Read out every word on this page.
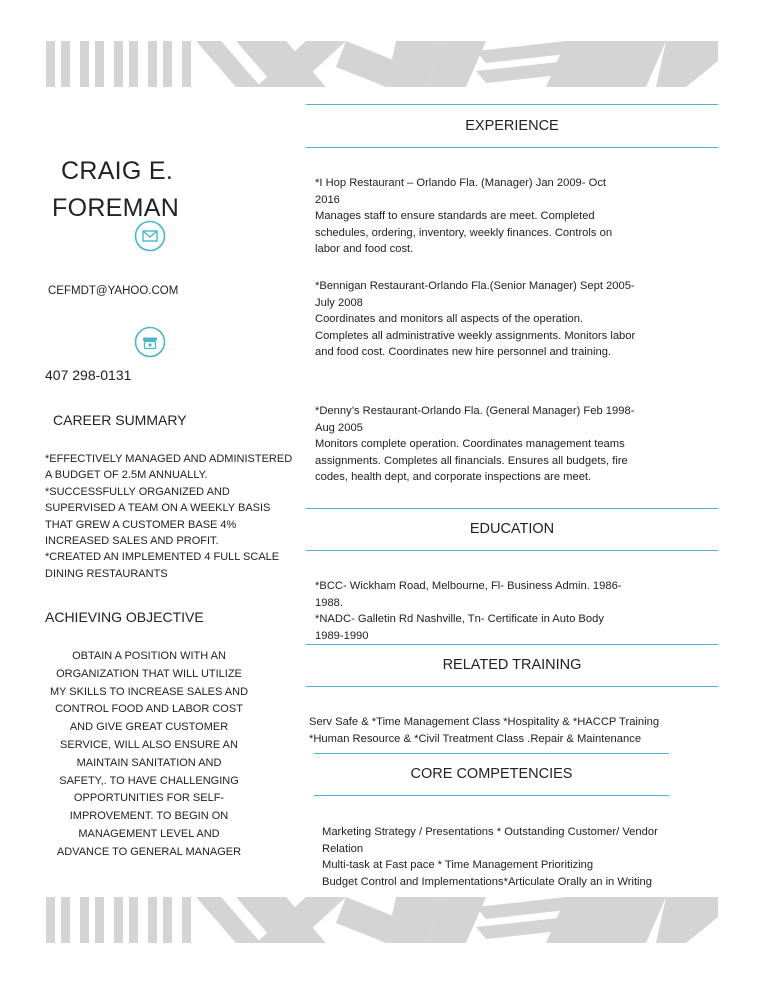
CRAIG E.
FOREMAN
CEFMDT@YAHOO.COM
407 298-0131
CAREER SUMMARY
*EFFECTIVELY MANAGED AND ADMINISTERED
A BUDGET OF 2.5M ANNUALLY.
*SUCCESSFULLY ORGANIZED AND
SUPERVISED A TEAM ON A WEEKLY BASIS
THAT GREW A CUSTOMER BASE 4%
INCREASED SALES AND PROFIT.
*CREATED AN IMPLEMENTED 4 FULL SCALE
DINING RESTAURANTS
ACHIEVING OBJECTIVE
OBTAIN A POSITION WITH AN
ORGANIZATION THAT WILL UTILIZE
MY SKILLS TO INCREASE SALES AND
CONTROL FOOD AND LABOR COST
AND GIVE GREAT CUSTOMER
SERVICE, WILL ALSO ENSURE AN
MAINTAIN SANITATION AND
SAFETY,. TO HAVE CHALLENGING
OPPORTUNITIES FOR SELF-
IMPROVEMENT. TO BEGIN ON
MANAGEMENT LEVEL AND
ADVANCE TO GENERAL MANAGER
EXPERIENCE
*I Hop Restaurant – Orlando Fla. (Manager) Jan 2009- Oct
2016
Manages staff to ensure standards are meet. Completed
schedules, ordering, inventory, weekly finances. Controls on
labor and food cost.
*Bennigan Restaurant-Orlando Fla.(Senior Manager) Sept 2005-
July 2008
Coordinates and monitors all aspects of the operation.
Completes all administrative weekly assignments. Monitors labor
and food cost. Coordinates new hire personnel and training.
*Denny’s Restaurant-Orlando Fla. (General Manager) Feb 1998-
Aug 2005
Monitors complete operation. Coordinates management teams
assignments. Completes all financials. Ensures all budgets, fire
codes, health dept, and corporate inspections are meet.
EDUCATION
*BCC- Wickham Road, Melbourne, Fl- Business Admin. 1986-
1988.
*NADC- Galletin Rd Nashville, Tn- Certificate in Auto Body
1989-1990
RELATED TRAINING
Serv Safe & *Time Management Class *Hospitality & *HACCP Training
*Human Resource & *Civil Treatment Class .Repair & Maintenance
CORE COMPETENCIES
Marketing Strategy / Presentations * Outstanding Customer/ Vendor
Relation
Multi-task at Fast pace * Time Management Prioritizing
Budget Control and Implementations*Articulate Orally an in Writing
